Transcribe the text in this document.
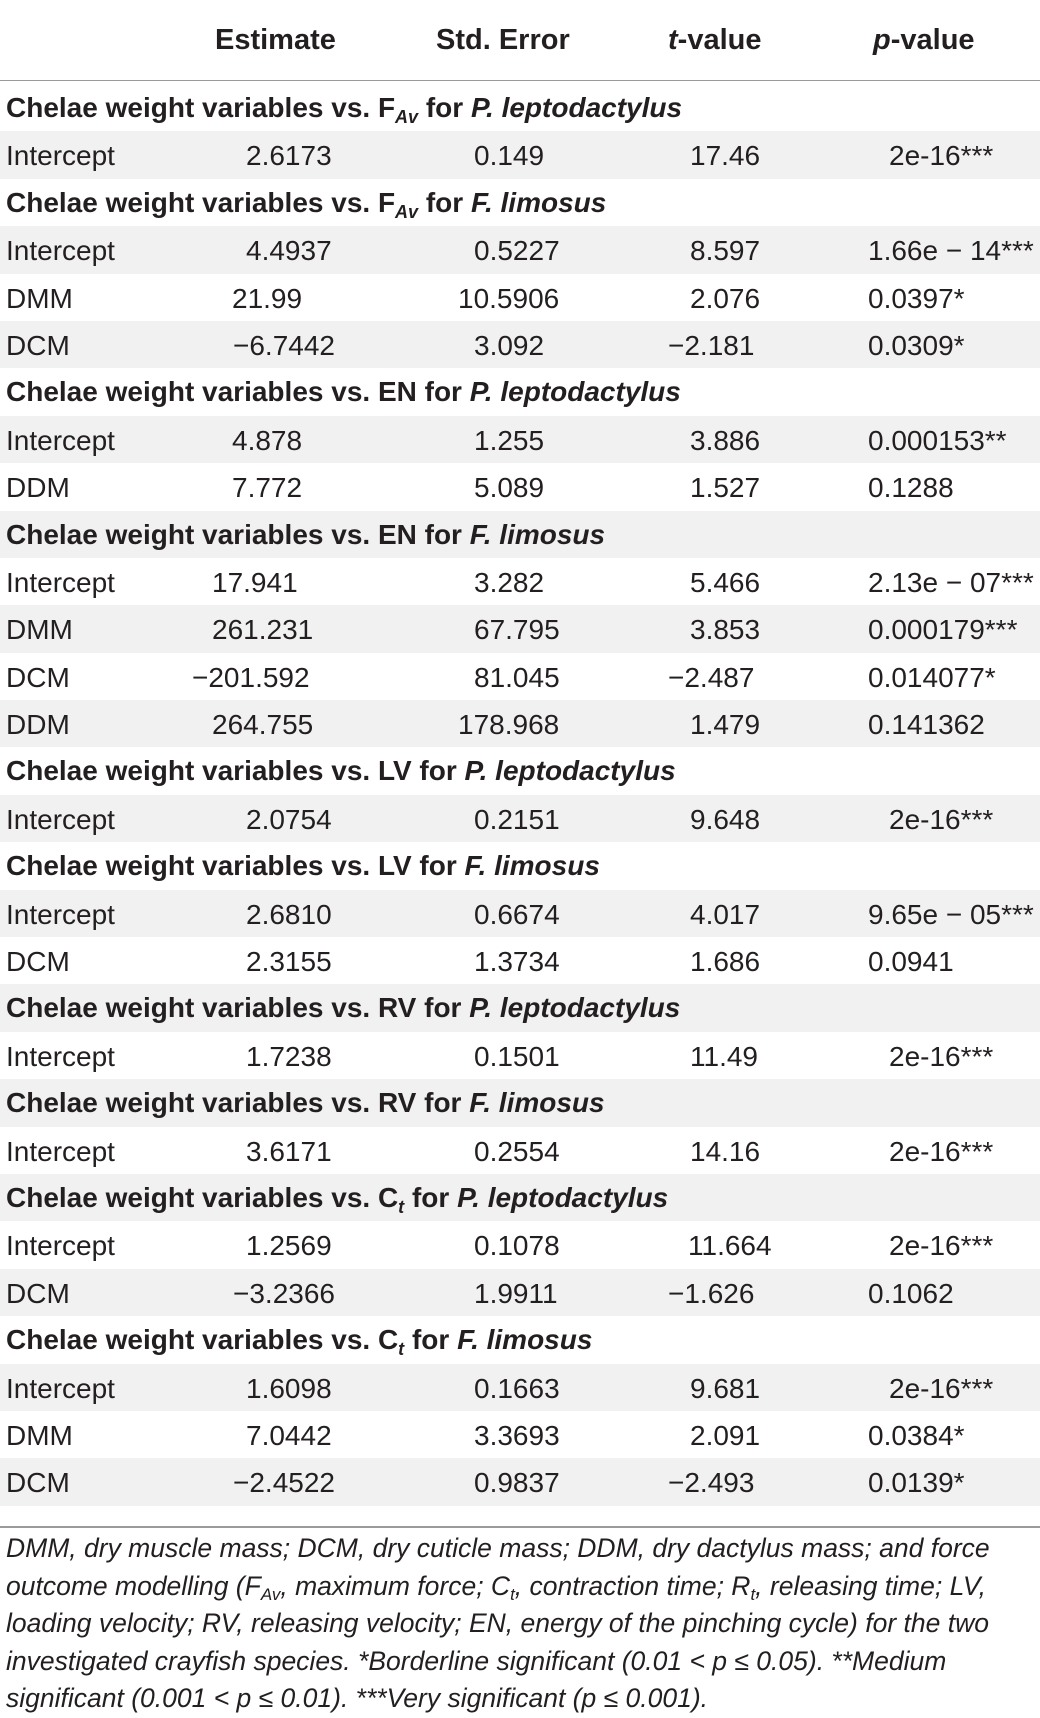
Estimate	Std. Error	t-value	p-value
Chelae weight variables vs. $F_{Av}$ for P. leptodactylus
Intercept	2.6173	0.149	17.46	2e-16***
Chelae weight variables vs. $F_{Av}$ for F. limosus
Intercept	4.4937	0.5227	8.597	1.66e − 14***
DMM	21.99	10.5906	2.076	0.0397*
DCM	−6.7442	3.092	−2.181	0.0309*
Chelae weight variables vs. EN for P. leptodactylus
Intercept	4.878	1.255	3.886	0.000153**
DDM	7.772	5.089	1.527	0.1288
Chelae weight variables vs. EN for F. limosus
Intercept	17.941	3.282	5.466	2.13e − 07***
DMM	261.231	67.795	3.853	0.000179***
DCM	−201.592	81.045	−2.487	0.014077*
DDM	264.755	178.968	1.479	0.141362
Chelae weight variables vs. LV for P. leptodactylus
Intercept	2.0754	0.2151	9.648	2e-16***
Chelae weight variables vs. LV for F. limosus
Intercept	2.6810	0.6674	4.017	9.65e − 05***
DCM	2.3155	1.3734	1.686	0.0941
Chelae weight variables vs. RV for P. leptodactylus
Intercept	1.7238	0.1501	11.49	2e-16***
Chelae weight variables vs. RV for F. limosus
Intercept	3.6171	0.2554	14.16	2e-16***
Chelae weight variables vs. $C_t$ for P. leptodactylus
Intercept	1.2569	0.1078	11.664	2e-16***
DCM	−3.2366	1.9911	−1.626	0.1062
Chelae weight variables vs. $C_t$ for F. limosus
Intercept	1.6098	0.1663	9.681	2e-16***
DMM	7.0442	3.3693	2.091	0.0384*
DCM	−2.4522	0.9837	−2.493	0.0139*
DMM, dry muscle mass; DCM, dry cuticle mass; DDM, dry dactylus mass; and force outcome modelling ($F_{Av}$, maximum force; $C_t$, contraction time; $R_t$, releasing time; LV, loading velocity; RV, releasing velocity; EN, energy of the pinching cycle) for the two investigated crayfish species. *Borderline significant (0.01 < p ≤ 0.05). **Medium significant (0.001 < p ≤ 0.01). ***Very significant (p ≤ 0.001).
